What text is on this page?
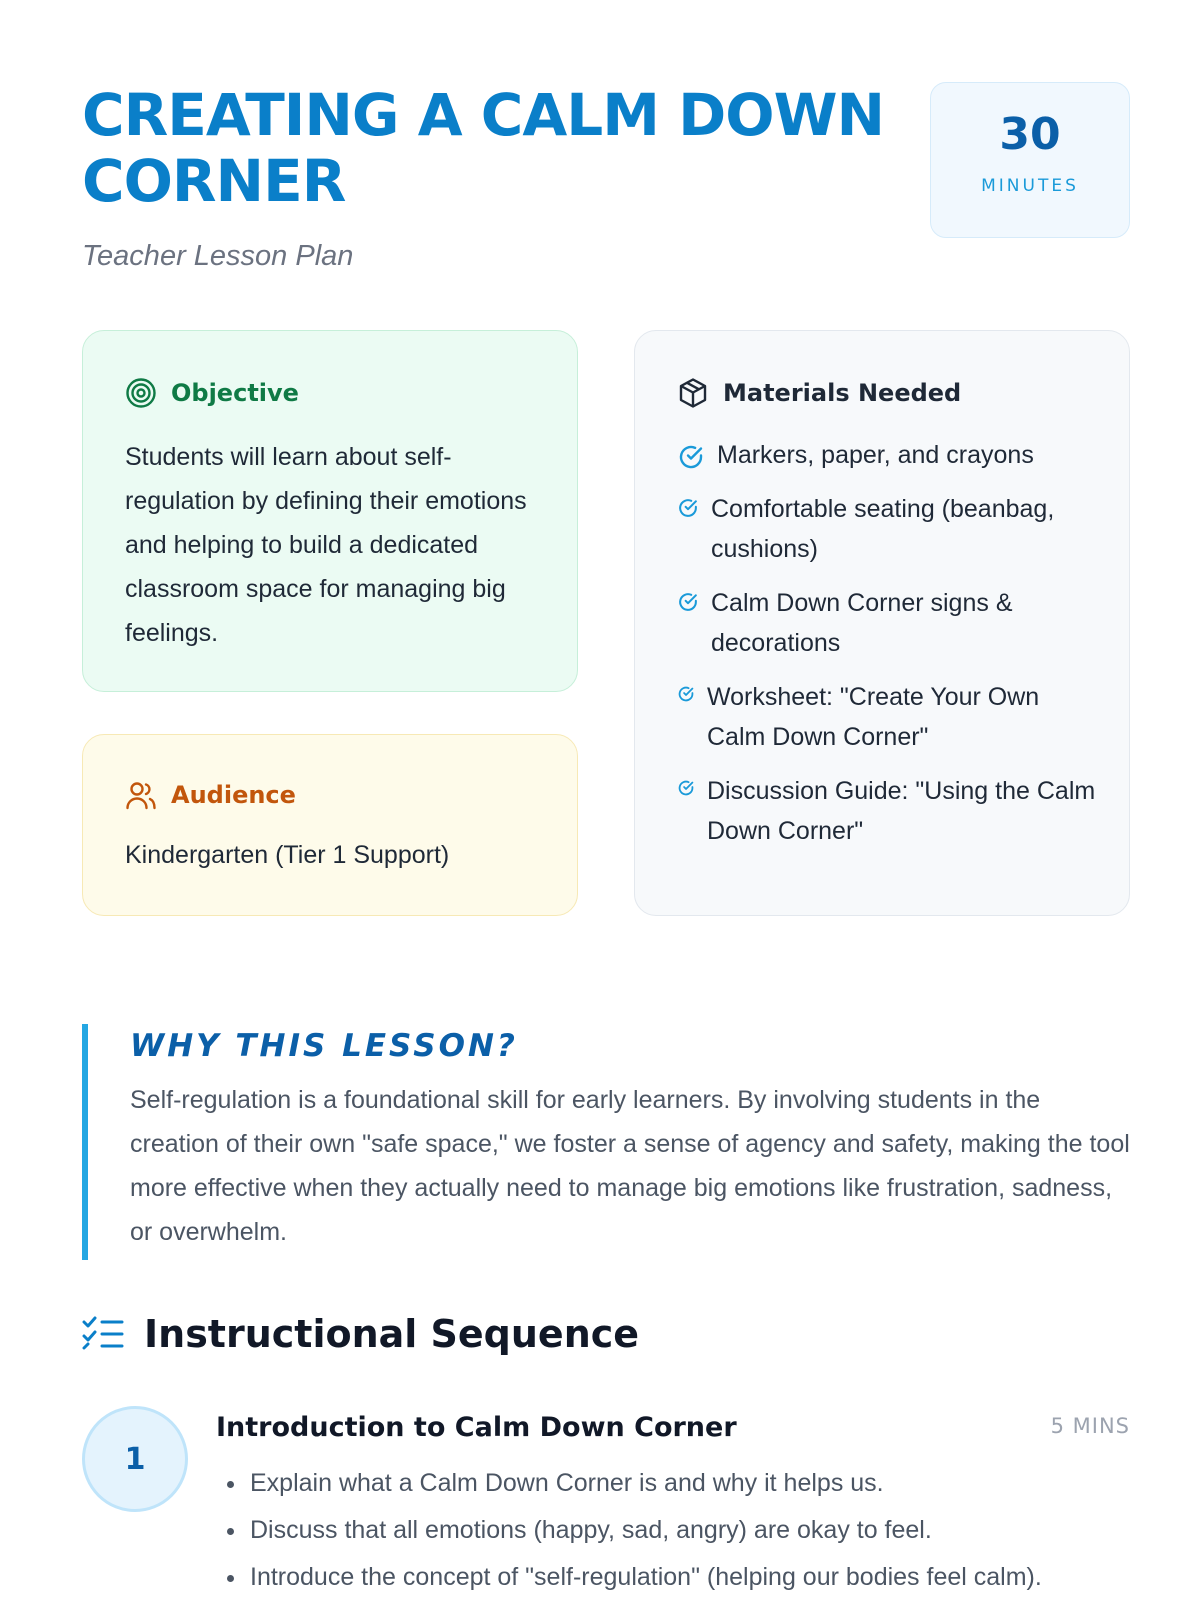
CREATING A CALM DOWN CORNER
Teacher Lesson Plan
30
MINUTES
Objective

Students will learn about self-regulation by defining their emotions and helping to build a dedicated classroom space for managing big feelings.

Audience

Kindergarten (Tier 1 Support)

Materials Needed
Markers, paper, and crayons
Comfortable seating (beanbag, cushions)
Calm Down Corner signs & decorations
Worksheet: "Create Your Own Calm Down Corner"
Discussion Guide: "Using the Calm Down Corner"
WHY THIS LESSON?

Self-regulation is a foundational skill for early learners. By involving students in the creation of their own "safe space," we foster a sense of agency and safety, making the tool more effective when they actually need to manage big emotions like frustration, sadness, or overwhelm.

Instructional Sequence
1
Introduction to Calm Down Corner	5 MINS
• Explain what a Calm Down Corner is and why it helps us.
• Discuss that all emotions (happy, sad, angry) are okay to feel.
• Introduce the concept of "self-regulation" (helping our bodies feel calm).
